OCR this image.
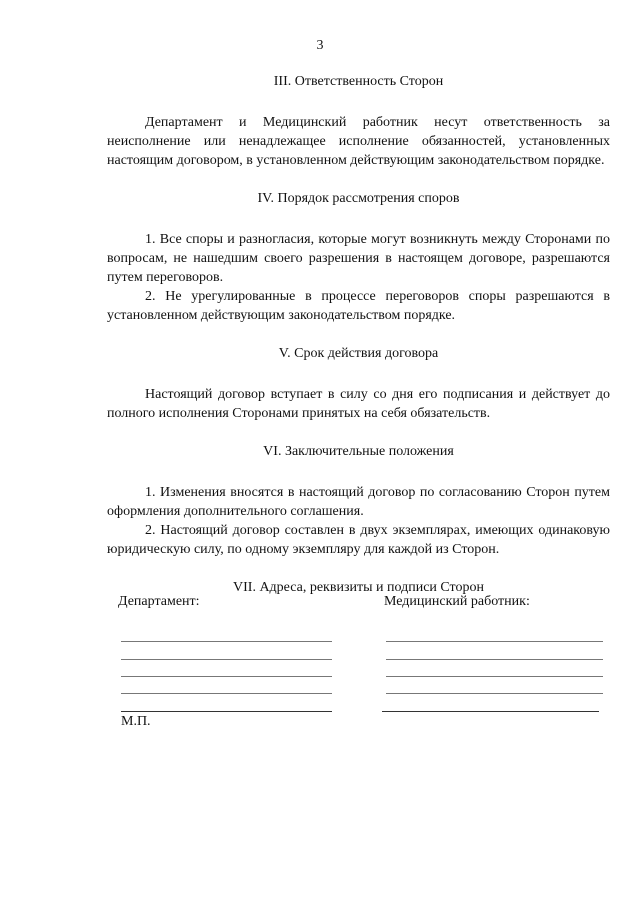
3
III. Ответственность Сторон

Департамент и Медицинский работник несут ответственность за неисполнение или ненадлежащее исполнение обязанностей, установленных настоящим договором, в установленном действующим законодательством порядке.

IV. Порядок рассмотрения споров

1. Все споры и разногласия, которые могут возникнуть между Сторонами по вопросам, не нашедшим своего разрешения в настоящем договоре, разрешаются путем переговоров.

2. Не урегулированные в процессе переговоров споры разрешаются в установленном действующим законодательством порядке.

V. Срок действия договора

Настоящий договор вступает в силу со дня его подписания и действует до полного исполнения Сторонами принятых на себя обязательств.

VI. Заключительные положения

1. Изменения вносятся в настоящий договор по согласованию Сторон путем оформления дополнительного соглашения.

2. Настоящий договор составлен в двух экземплярах, имеющих одинаковую юридическую силу, по одному экземпляру для каждой из Сторон.

VII. Адреса, реквизиты и подписи Сторон
Департамент:	Медицинский работник:
М.П.
